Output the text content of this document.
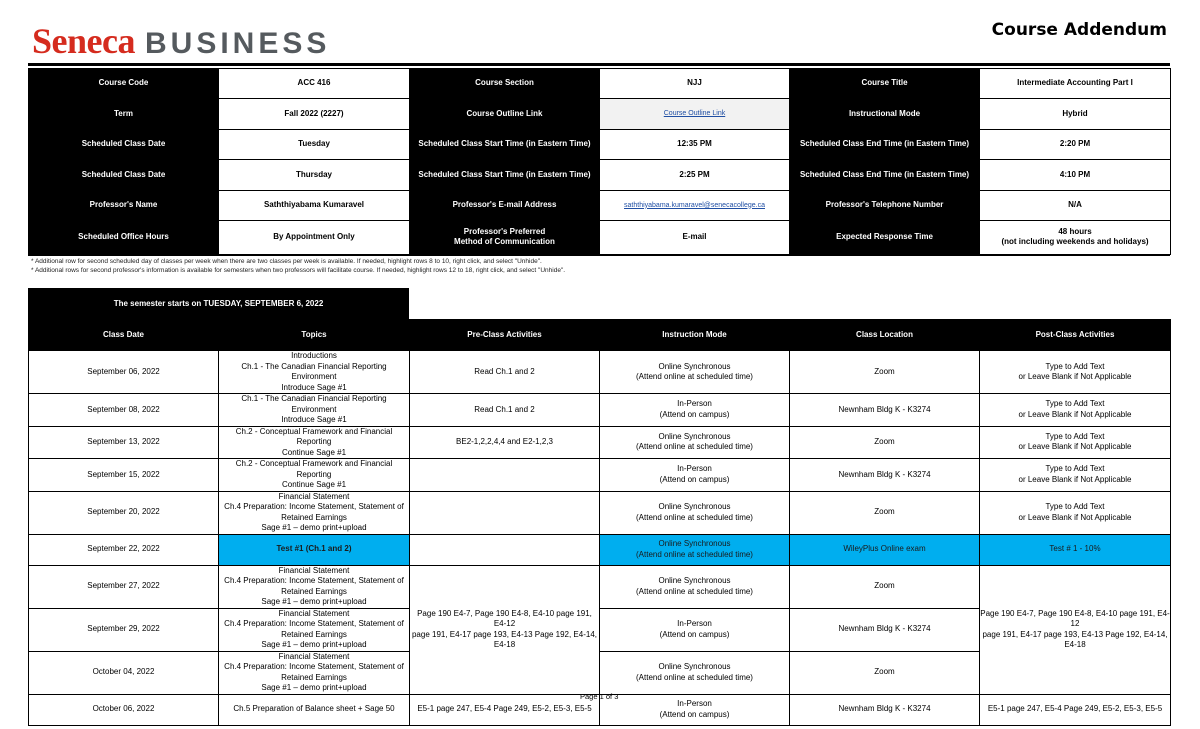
Seneca BUSINESS	Course Addendum
Course Code	ACC 416	Course Section	NJJ	Course Title	Intermediate Accounting Part I
Term	Fall 2022 (2227)	Course Outline Link	Course Outline Link	Instructional Mode	Hybrid
Scheduled Class Date	Tuesday	Scheduled Class Start Time (in Eastern Time)	12:35 PM	Scheduled Class End Time (in Eastern Time)	2:20 PM
Scheduled Class Date	Thursday	Scheduled Class Start Time (in Eastern Time)	2:25 PM	Scheduled Class End Time (in Eastern Time)	4:10 PM
Professor's Name	Saththiyabama Kumaravel	Professor's E-mail Address	saththiyabama.kumaravel@senecacollege.ca	Professor's Telephone Number	N/A
Scheduled Office Hours	By Appointment Only	Professor's Preferred
Method of Communication	E-mail	Expected Response Time	48 hours
(not including weekends and holidays)
* Additional row for second scheduled day of classes per week when there are two classes per week is available. If needed, highlight rows 8 to 10, right click, and select "Unhide".
* Additional rows for second professor's information is available for semesters when two professors will facilitate course. If needed, highlight rows 12 to 18, right click, and select "Unhide".
The semester starts on TUESDAY, SEPTEMBER 6, 2022
Class Date	Topics	Pre-Class Activities	Instruction Mode	Class Location	Post-Class Activities
September 06, 2022	Introductions
Ch.1 - The Canadian Financial Reporting Environment
Introduce Sage #1	Read Ch.1 and 2	Online Synchronous
(Attend online at scheduled time)	Zoom	Type to Add Text
or Leave Blank if Not Applicable
September 08, 2022	Ch.1 - The Canadian Financial Reporting Environment
Introduce Sage #1	Read Ch.1 and 2	In-Person
(Attend on campus)	Newnham Bldg K - K3274	Type to Add Text
or Leave Blank if Not Applicable
September 13, 2022	Ch.2 - Conceptual Framework and Financial Reporting
Continue Sage #1	BE2-1,2,2,4,4 and E2-1,2,3	Online Synchronous
(Attend online at scheduled time)	Zoom	Type to Add Text
or Leave Blank if Not Applicable
September 15, 2022	Ch.2 - Conceptual Framework and Financial Reporting
Continue Sage #1		In-Person
(Attend on campus)	Newnham Bldg K - K3274	Type to Add Text
or Leave Blank if Not Applicable
September 20, 2022	Financial Statement
Ch.4 Preparation: Income Statement, Statement of
Retained Earnings
Sage #1 – demo print+upload		Online Synchronous
(Attend online at scheduled time)	Zoom	Type to Add Text
or Leave Blank if Not Applicable
September 22, 2022	Test #1 (Ch.1 and 2)		Online Synchronous
(Attend online at scheduled time)	WileyPlus Online exam	Test # 1 - 10%
September 27, 2022	Financial Statement
Ch.4 Preparation: Income Statement, Statement of
Retained Earnings
Sage #1 – demo print+upload	Page 190 E4-7, Page 190 E4-8, E4-10 page 191, E4-12
page 191, E4-17 page 193, E4-13 Page 192, E4-14, E4-18	Online Synchronous
(Attend online at scheduled time)	Zoom	Page 190 E4-7, Page 190 E4-8, E4-10 page 191, E4-12
page 191, E4-17 page 193, E4-13 Page 192, E4-14, E4-18
September 29, 2022	Financial Statement
Ch.4 Preparation: Income Statement, Statement of
Retained Earnings
Sage #1 – demo print+upload		In-Person
(Attend on campus)	Newnham Bldg K - K3274	
October 04, 2022	Financial Statement
Ch.4 Preparation: Income Statement, Statement of
Retained Earnings
Sage #1 – demo print+upload		Online Synchronous
(Attend online at scheduled time)	Zoom	
October 06, 2022	Ch.5 Preparation of Balance sheet + Sage 50	E5-1 page 247, E5-4 Page 249, E5-2, E5-3, E5-5	In-Person
(Attend on campus)	Newnham Bldg K - K3274	E5-1 page 247, E5-4 Page 249, E5-2, E5-3, E5-5
Page 1 of 3
